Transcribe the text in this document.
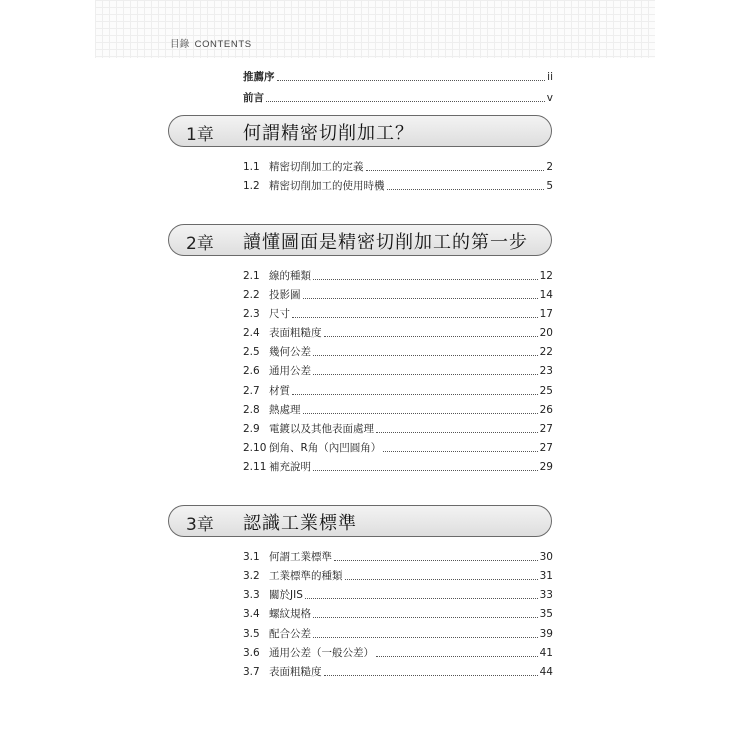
目錄 CONTENTS
推薦序	ii
前言	v
1章 何謂精密切削加工？
1.1 精密切削加工的定義	2
1.2 精密切削加工的使用時機	5
2章 讀懂圖面是精密切削加工的第一步
2.1 線的種類	12
2.2 投影圖	14
2.3 尺寸	17
2.4 表面粗糙度	20
2.5 幾何公差	22
2.6 通用公差	23
2.7 材質	25
2.8 熱處理	26
2.9 電鍍以及其他表面處理	27
2.10 倒角、R角（內凹圓角）	27
2.11 補充說明	29
3章 認識工業標準
3.1 何謂工業標準	30
3.2 工業標準的種類	31
3.3 關於JIS	33
3.4 螺紋規格	35
3.5 配合公差	39
3.6 通用公差（一般公差）	41
3.7 表面粗糙度	44
